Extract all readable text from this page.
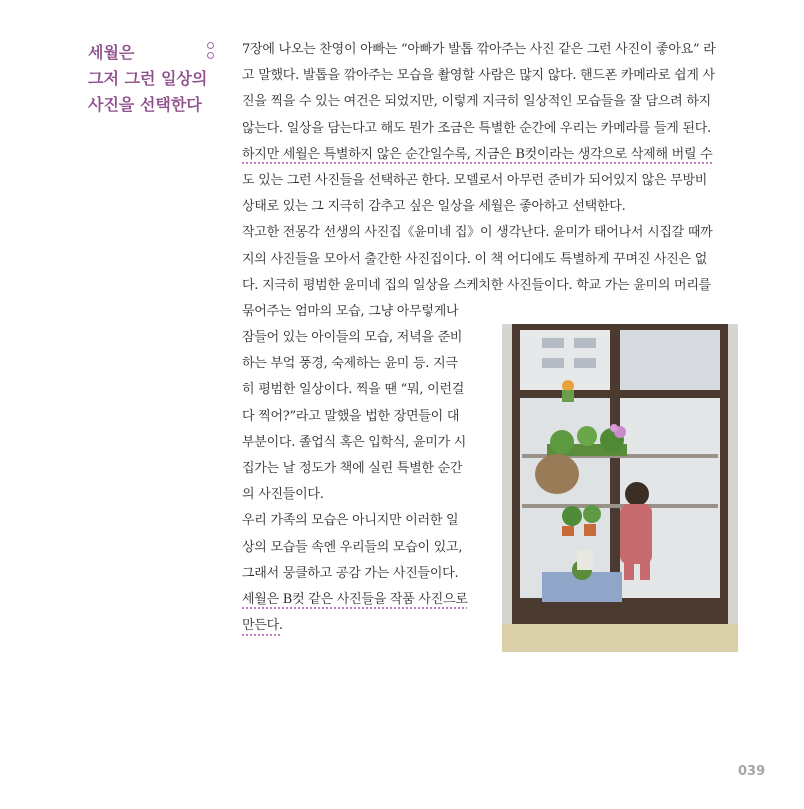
세월은
그저 그런 일상의
사진을 선택한다
7장에 나오는 찬영이 아빠는 “아빠가 발톱 깎아주는 사진 같은 그런 사진이 좋아요” 라
고 말했다. 발톱을 깎아주는 모습을 촬영할 사람은 많지 않다. 핸드폰 카메라로 쉽게 사
진을 찍을 수 있는 여건은 되었지만, 이렇게 지극히 일상적인 모습들을 잘 담으려 하지
않는다. 일상을 담는다고 해도 뭔가 조금은 특별한 순간에 우리는 카메라를 들게 된다.
하지만 세월은 특별하지 않은 순간일수록, 지금은 B컷이라는 생각으로 삭제해 버릴 수
도 있는 그런 사진들을 선택하곤 한다. 모델로서 아무런 준비가 되어있지 않은 무방비
상태로 있는 그 지극히 감추고 싶은 일상을 세월은 좋아하고 선택한다.
작고한 전몽각 선생의 사진집《윤미네 집》이 생각난다. 윤미가 태어나서 시집갈 때까
지의 사진들을 모아서 출간한 사진집이다. 이 책 어디에도 특별하게 꾸며진 사진은 없
다. 지극히 평범한 윤미네 집의 일상을 스케치한 사진들이다. 학교 가는 윤미의 머리를
묶어주는 엄마의 모습, 그냥 아무렇게나
잠들어 있는 아이들의 모습, 저녁을 준비
하는 부엌 풍경, 숙제하는 윤미 등. 지극
히 평범한 일상이다. 찍을 땐 “뭐, 이런걸
다 찍어?”라고 말했을 법한 장면들이 대
부분이다. 졸업식 혹은 입학식, 윤미가 시
집가는 날 정도가 책에 실린 특별한 순간
의 사진들이다.
우리 가족의 모습은 아니지만 이러한 일
상의 모습들 속엔 우리들의 모습이 있고,
그래서 뭉클하고 공감 가는 사진들이다.
세월은 B컷 같은 사진들을 작품 사진으로
만든다.
039
